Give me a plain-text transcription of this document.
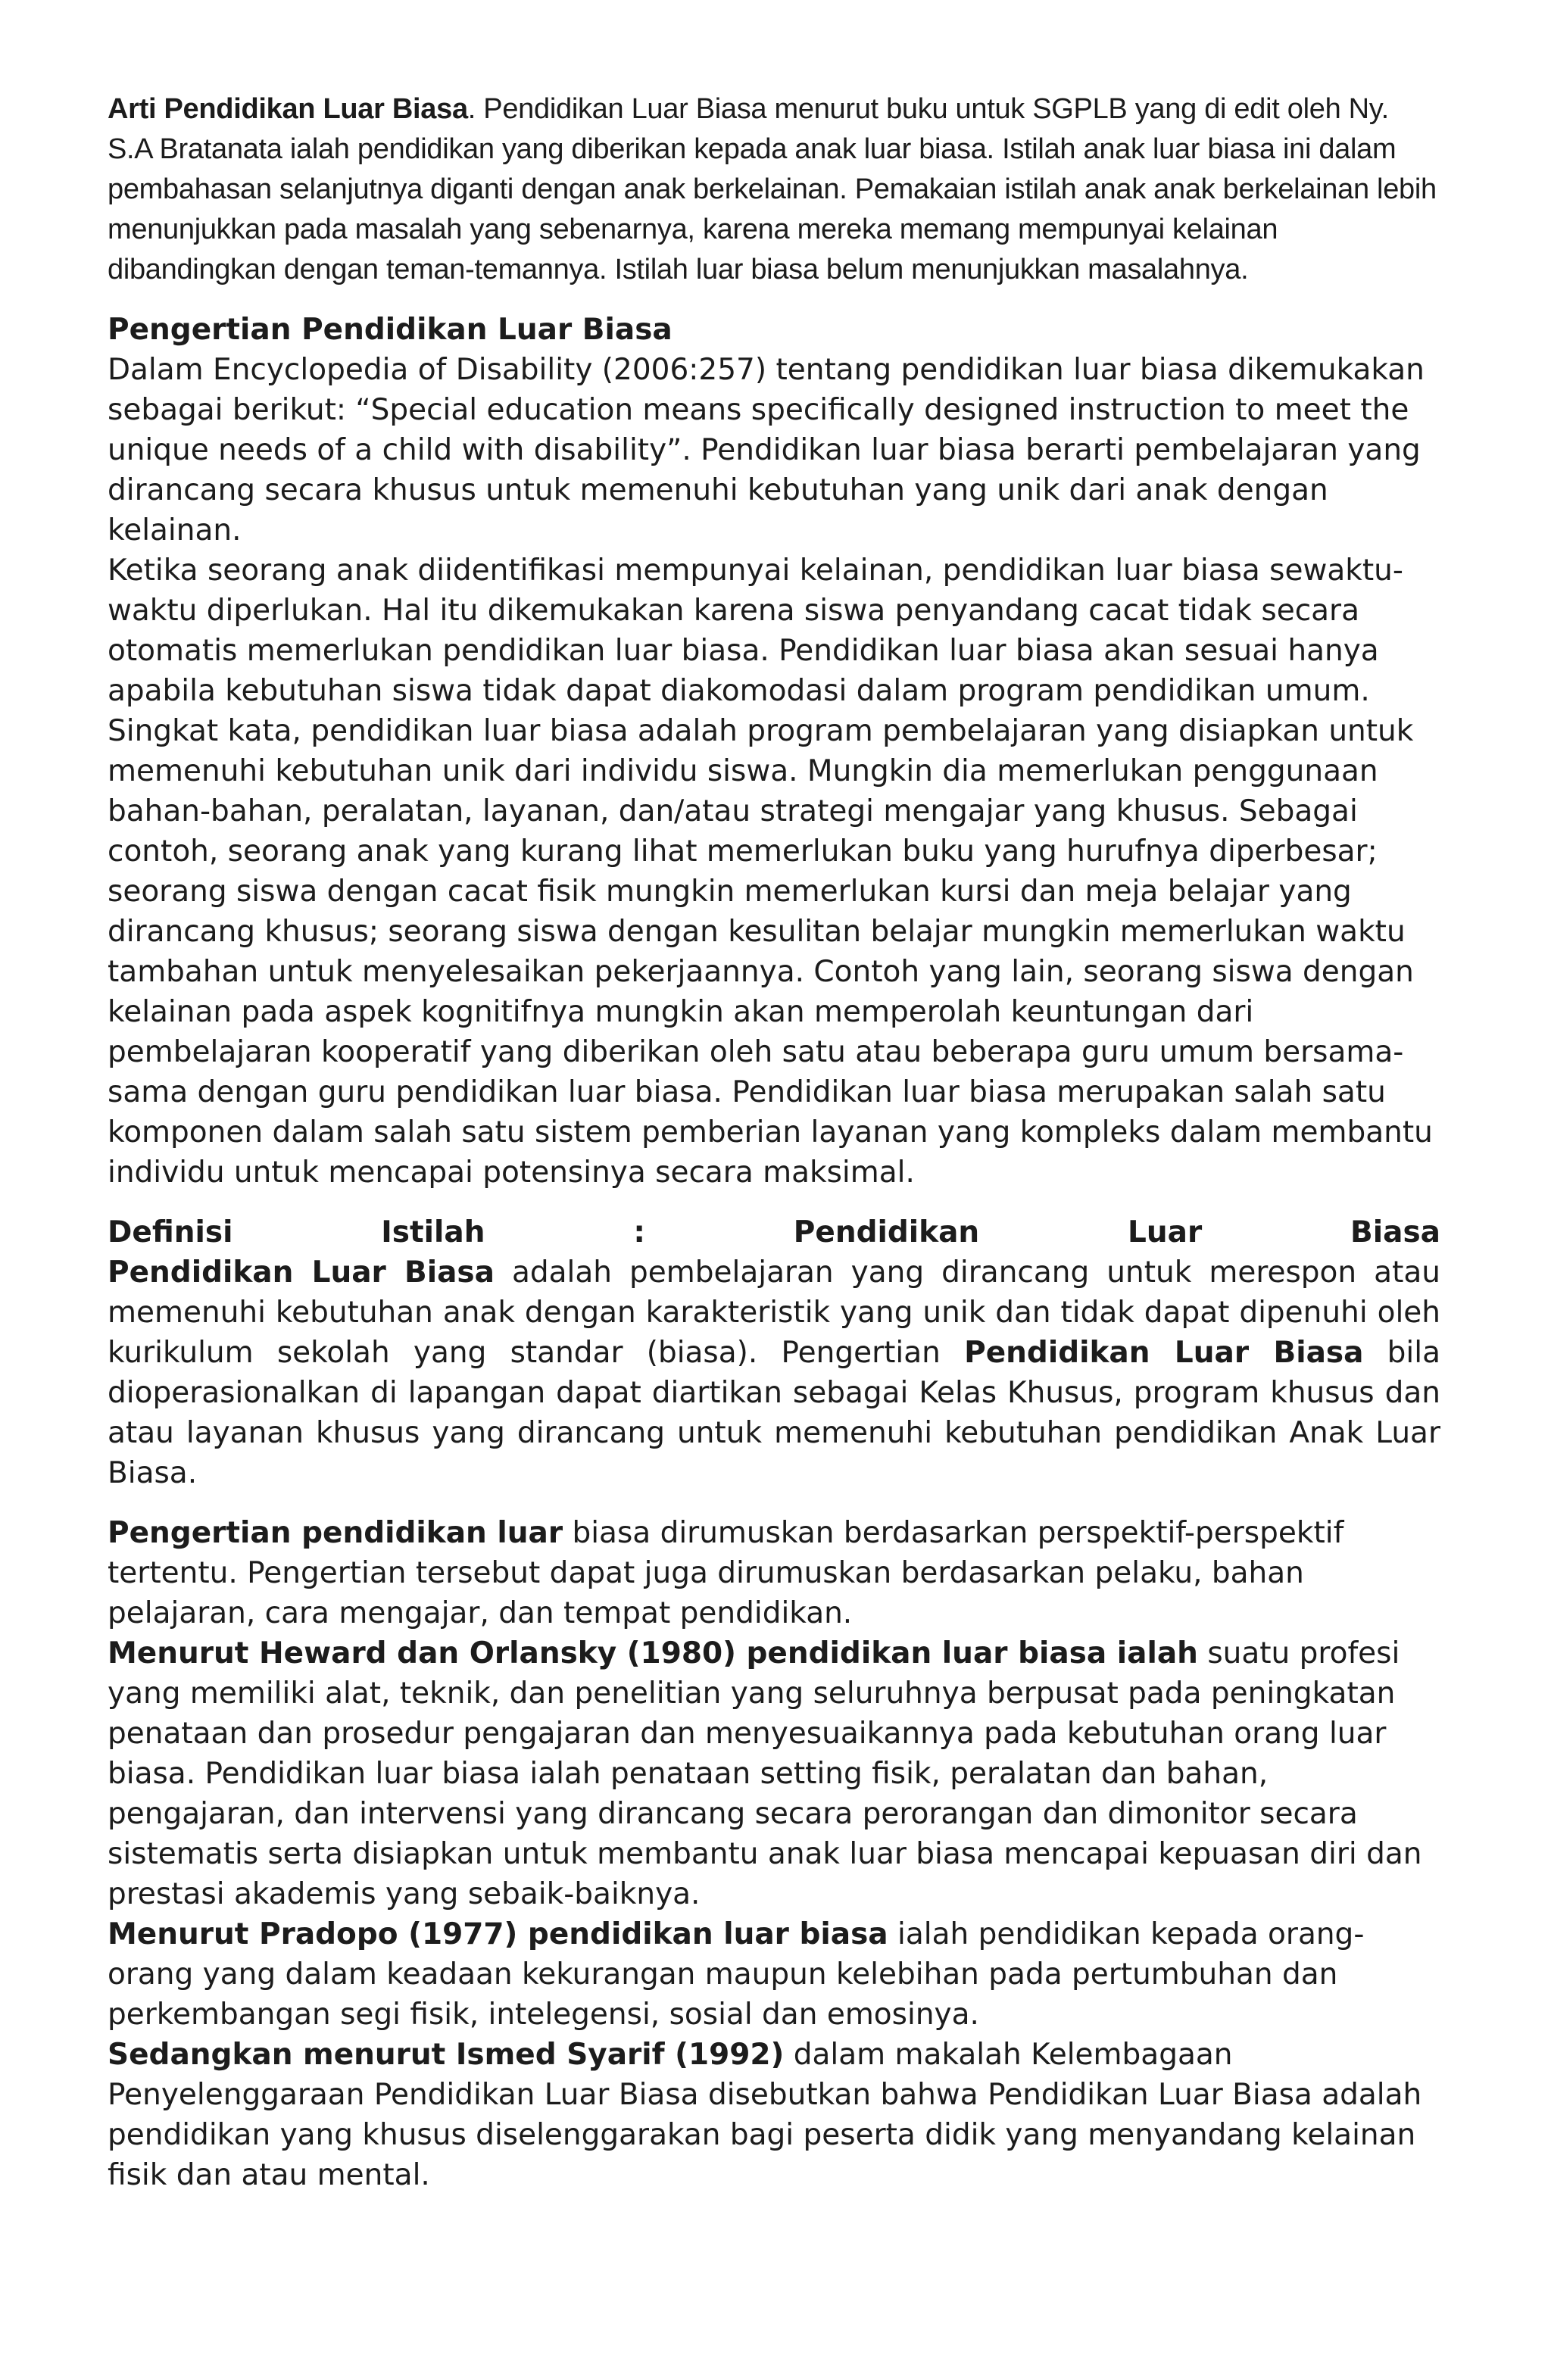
Arti Pendidikan Luar Biasa. Pendidikan Luar Biasa menurut buku untuk SGPLB yang di edit oleh Ny. S.A Bratanata ialah pendidikan yang diberikan kepada anak luar biasa. Istilah anak luar biasa ini dalam pembahasan selanjutnya diganti dengan anak berkelainan. Pemakaian istilah anak anak berkelainan lebih menunjukkan pada masalah yang sebenarnya, karena mereka memang mempunyai kelainan dibandingkan dengan teman-temannya. Istilah luar biasa belum menunjukkan masalahnya.

Pengertian Pendidikan Luar Biasa
Dalam Encyclopedia of Disability (2006:257) tentang pendidikan luar biasa dikemukakan sebagai berikut: “Special education means specifically designed instruction to meet the unique needs of a child with disability”. Pendidikan luar biasa berarti pembelajaran yang dirancang secara khusus untuk memenuhi kebutuhan yang unik dari anak dengan kelainan.
Ketika seorang anak diidentifikasi mempunyai kelainan, pendidikan luar biasa sewaktu-waktu diperlukan. Hal itu dikemukakan karena siswa penyandang cacat tidak secara otomatis memerlukan pendidikan luar biasa. Pendidikan luar biasa akan sesuai hanya apabila kebutuhan siswa tidak dapat diakomodasi dalam program pendidikan umum. Singkat kata, pendidikan luar biasa adalah program pembelajaran yang disiapkan untuk memenuhi kebutuhan unik dari individu siswa. Mungkin dia memerlukan penggunaan bahan-bahan, peralatan, layanan, dan/atau strategi mengajar yang khusus. Sebagai contoh, seorang anak yang kurang lihat memerlukan buku yang hurufnya diperbesar; seorang siswa dengan cacat fisik mungkin memerlukan kursi dan meja belajar yang dirancang khusus; seorang siswa dengan kesulitan belajar mungkin memerlukan waktu tambahan untuk menyelesaikan pekerjaannya. Contoh yang lain, seorang siswa dengan kelainan pada aspek kognitifnya mungkin akan memperolah keuntungan dari pembelajaran kooperatif yang diberikan oleh satu atau beberapa guru umum bersama-sama dengan guru pendidikan luar biasa. Pendidikan luar biasa merupakan salah satu komponen dalam salah satu sistem pemberian layanan yang kompleks dalam membantu individu untuk mencapai potensinya secara maksimal.
Definisi	Istilah	:	Pendidikan	Luar	Biasa
Pendidikan Luar Biasa adalah pembelajaran yang dirancang untuk merespon atau memenuhi kebutuhan anak dengan karakteristik yang unik dan tidak dapat dipenuhi oleh kurikulum sekolah yang standar (biasa). Pengertian Pendidikan Luar Biasa bila dioperasionalkan di lapangan dapat diartikan sebagai Kelas Khusus, program khusus dan atau layanan khusus yang dirancang untuk memenuhi kebutuhan pendidikan Anak Luar Biasa.
Pengertian pendidikan luar biasa dirumuskan berdasarkan perspektif-perspektif tertentu. Pengertian tersebut dapat juga dirumuskan berdasarkan pelaku, bahan pelajaran, cara mengajar, dan tempat pendidikan.
Menurut Heward dan Orlansky (1980) pendidikan luar biasa ialah suatu profesi yang memiliki alat, teknik, dan penelitian yang seluruhnya berpusat pada peningkatan penataan dan prosedur pengajaran dan menyesuaikannya pada kebutuhan orang luar biasa. Pendidikan luar biasa ialah penataan setting fisik, peralatan dan bahan, pengajaran, dan intervensi yang dirancang secara perorangan dan dimonitor secara sistematis serta disiapkan untuk membantu anak luar biasa mencapai kepuasan diri dan prestasi akademis yang sebaik-baiknya.
Menurut Pradopo (1977) pendidikan luar biasa ialah pendidikan kepada orang-orang yang dalam keadaan kekurangan maupun kelebihan pada pertumbuhan dan perkembangan segi fisik, intelegensi, sosial dan emosinya.
Sedangkan menurut Ismed Syarif (1992) dalam makalah Kelembagaan Penyelenggaraan Pendidikan Luar Biasa disebutkan bahwa Pendidikan Luar Biasa adalah pendidikan yang khusus diselenggarakan bagi peserta didik yang menyandang kelainan fisik dan atau mental.
